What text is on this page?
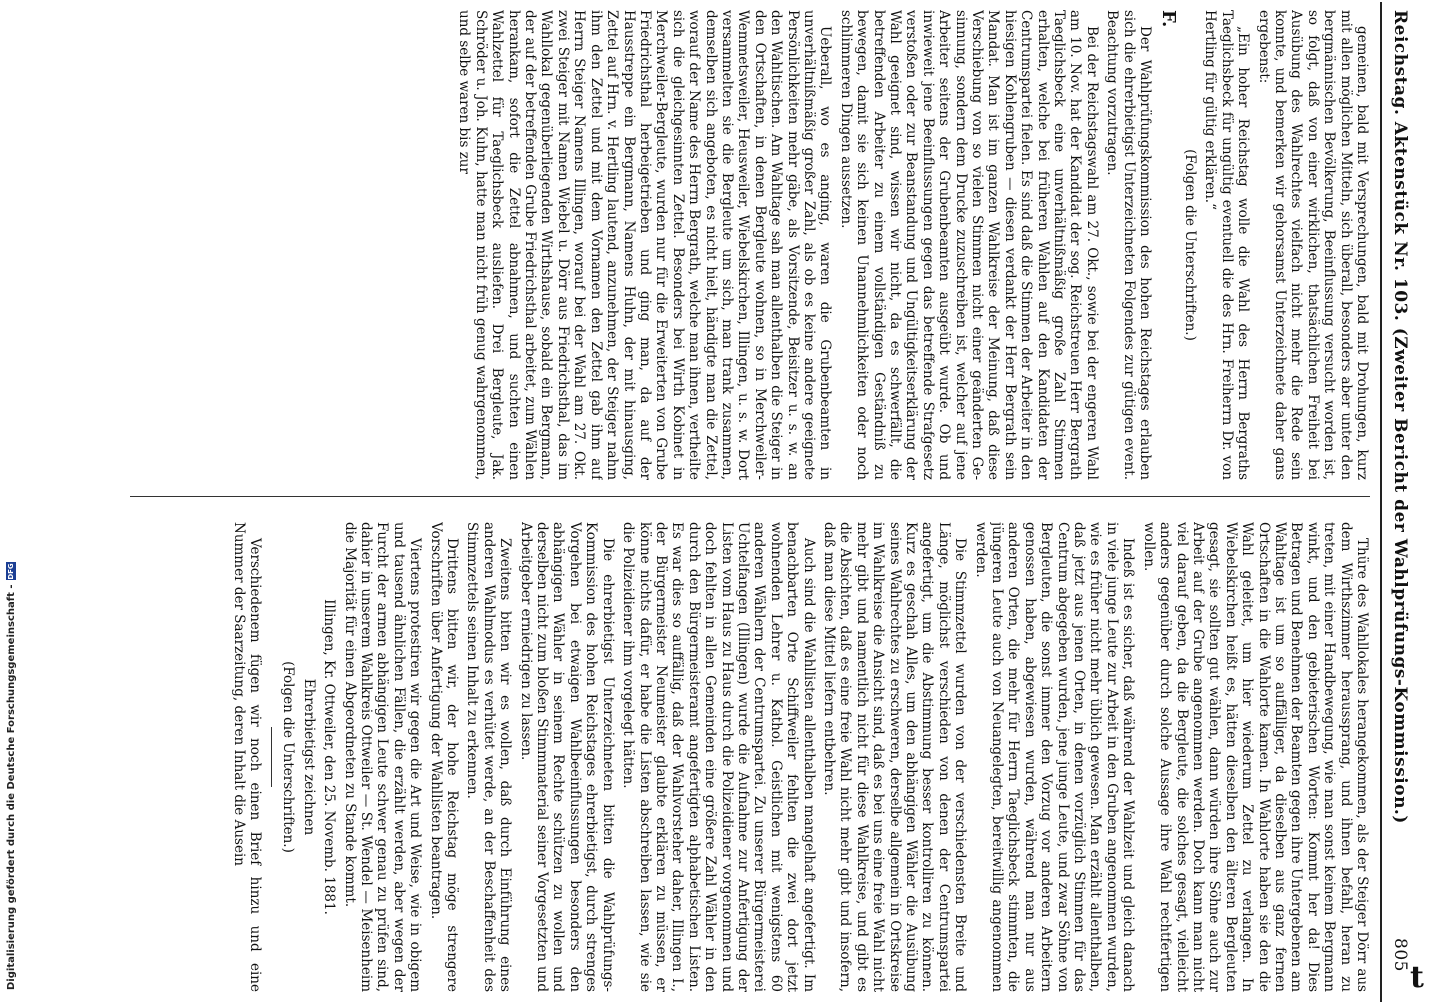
Digitalisierung gefördert durch die Deutsche Forschungsgemeinschaft -DFG	Reichstag. Aktenstück Nr. 103. (Zweiter Bericht der Wahlprüfungs-Kommission.)
805

gemeinen, bald mit Versprechungen, bald mit Drohungen, kurz mit allen möglichen Mitteln, sich überall, besonders aber unter den bergmännischen Bevölkerung, Beeinflussung versucht worden ist, so folgt, daß von einer wirklichen, thatsächlichen Freiheit bei Ausübung des Wahlrechtes vielfach nicht mehr die Rede sein konnte, und bemerken wir gehorsamst Unterzeichnete daher gans ergebenst:

„Ein hoher Reichstag wolle die Wahl des Herrn Bergraths Taeglichsbeck für ungültig eventuell die des Hrn. Freiherrn Dr. von Hertling für gültig erklären.“

(Folgen die Unterschriften.)

F.

Der Wahlprüfungskommission des hohen Reichstages erlauben sich die ehrerbietigst Unterzeichneten Folgendes zur gütigen event. Beachtung vorzutragen.

Bei der Reichstagswahl am 27. Okt., sowie bei der engeren Wahl am 10. Nov. hat der Kandidat der sog. Reichstreuen Herr Bergrath Taeglichsbeck eine unverhältnißmäßig große Zahl Stimmen erhalten, welche bei früheren Wahlen auf den Kandidaten der Centrumspartei fielen. Es sind daß die Stimmen der Arbeiter in den hiesigen Kohlengruben — diesen verdankt der Herr Bergrath sein Mandat. Man ist im ganzen Wahlkreise der Meinung, daß diese Verschiebung von so vielen Stimmen nicht einer geänderten Gesinnung, sondern dem Drucke zuzuschreiben ist, welcher auf jene Arbeiter seitens der Grubenbeamten ausgeübt wurde. Ob und inwieweit jene Beeinflussungen gegen das betreffende Strafgesetz verstoßen oder zur Beanstandung und Ungültigkeitserklärung der Wahl geeignet sind, wissen wir nicht, da es schwerfällt, die betreffenden Arbeiter zu einem vollständigen Geständniß zu bewegen, damit sie sich keinen Unannehmlichkeiten oder noch schlimmeren Dingen aussetzen.

Ueberall, wo es anging, waren die Grubenbeamten in unverhältnißmäßig großer Zahl, als ob es keine andere geeignete Persönlichkeiten mehr gäbe, als Vorsitzende, Beisitzer u. s. w. an den Wahltischen. Am Wahltage sah man allenthalben die Steiger in den Ortschaften, in denen Bergleute wohnen, so in Merchweiler-Wemmetsweiler, Heusweiler, Wiebelskirchen, Illingen, u. s. w. Dort versammelten sie die Bergleute um sich, man trank zusammen, demselben sich angeboten, es nicht hielt, händigte man die Zettel, worauf der Name des Herrn Bergrath, welche man ihnen, vertheilte sich die gleichgesinnten Zettel. Besonders bei Wirth Kobinet in Merchweiler-Bergleute, wurden nur für die Erweiterten von Grube Friedrichsthal herbeigetrieben und ging man, da auf der Hausstreppe ein Bergmann, Namens Huhn, der mit hinausging, Zettel auf Hrn. v. Hertling lautend, anzunehmen, der Steiger nahm ihm den Zettel und mit dem Vornamen den Zettel gab ihm auf Herrn Steiger Namens Illingen, worauf bei der Wahl am 27. Okt. zwei Steiger mit Namen Wiebel u. Dörr aus Friedrichsthal, das im Wahllokal gegenüberliegenden Wirthshause, sobald ein Bergmann, der auf der betreffenden Grube Friedrichsthal arbeitet, zum Wählen herankam, sofort die Zettel abnahmen, und suchten einen Wahlzettel für Taeglichsbeck ausliefen. Drei Bergleute, Jak. Schröder u. Joh. Kuhn, hatte man nicht früh genug wahrgenommen, und selbe waren bis zur

Thüre des Wahllokales herangekommen, als der Steiger Dörr aus dem Wirthszimmer heraussprang, und ihnen befahl, heran zu treten, mit einer Handbewegung, wie man sonst keinem Bergmann winkt, und den gebieterischen Worten: Kommt her da! Dies Betragen und Benehmen der Beamten gegen ihre Untergebenen am Wahltage ist um so auffälliger, da dieselben aus ganz fernen Ortschaften in die Wahlorte kamen. In Wahlorte haben sie den die Wahl geleitet, um hier wiederum Zettel zu verlangen. In Wiebelskirchen heißt es, hätten dieselben den älteren Bergleuten gesagt, sie sollten gut wählen, dann würden ihre Söhne auch zur Arbeit auf der Grube angenommen werden. Doch kann man nicht viel darauf geben, da die Bergleute, die solches gesagt, vielleicht anders gegenüber durch solche Aussage ihre Wahl rechtfertigen wollen.

Indeß ist es sicher, daß während der Wahlzeit und gleich danach in viele junge Leute zur Arbeit in den Gruben angenommen wurden, wie es früher nicht mehr üblich gewesen. Man erzählt allenthalben, daß jetzt aus jenen Orten, in denen vorzüglich Stimmen für das Centrum abgegeben wurden, jene junge Leute, und zwar Söhne von Bergleuten, die sonst immer den Vorzug vor anderen Arbeitern genossen haben, abgewiesen wurden, während man nur aus anderen Orten, die mehr für Herrn Taeglichsbeck stimmten, die jüngeren Leute auch von Neuangelegten, bereitwillig angenommen werden.

Die Stimmzettel wurden von der verschiedensten Breite und Länge, möglichst verschieden von denen der Centrumspartei angefertigt, um die Abstimmung besser kontrolliren zu können. Kurz es geschah Alles, um den abhängigen Wähler die Ausübung seines Wahlrechtes zu erschweren, derselbe allgemein in Ortskreise im Wahlkreise die Ansicht sind, daß es bei uns eine freie Wahl nicht mehr gibt und namentlich nicht für diese Wahlkreise, und gibt es die Absichten, daß es eine freie Wahl nicht mehr gibt und insofern, daß man diese Mittel liefern entbehren.

Auch sind die Wahllisten allenthalben mangelhaft angefertigt. Im benachbarten Orte Schiffweiler fehlten die zwei dort jetzt wohnenden Lehrer u. Kathol. Geistlichen mit wenigstens 60 anderen Wählern der Centrumspartei. Zu unserer Bürgermeisterei Uchtelfangen (Illingen) wurde die Aufnahme zur Anfertigung der Listen vom Haus zu Haus durch die Polizeidiener vorgenommen und doch fehlten in allen Gemeinden eine größere Zahl Wähler in den durch den Bürgermeisteramt angefertigten alphabetischen Listen. Es war dies so auffällig, daß der Wahlvorsteher daher, Illingen I., der Bürgermeister Neumeister glaubte erklären zu müssen, er könne nichts dafür, er habe die Listen abschreiben lassen, wie sie die Polizeidiener ihm vorgelegt hätten.

Die ehrerbietigst Unterzeichneten bitten die Wahlprüfungs-Kommission des hohen Reichstages ehrerbietigst, durch strenges Vorgehen bei etwaigen Wahlbeeinflussungen besonders den abhängigen Wähler in seinem Rechte schützen zu wollen und derselben nicht zum bloßen Stimmmaterial seiner Vorgesetzten und Arbeitgeber erniedrigen zu lassen.

Zweitens bitten wir es wollen, daß durch Einführung eines anderen Wahlmodus es verhütet werde, an der Beschaffenheit des Stimmzettels seinen Inhalt zu erkennen.

Drittens bitten wir, der hohe Reichstag möge strengere Vorschriften über Anfertigung der Wahllisten beantragen.

Viertens protestiren wir gegen die Art und Weise, wie in obigem und tausend ähnlichen Fällen, die erzählt werden, aber wegen der Furcht der armen abhängigen Leute schwer genau zu prüfen sind, dahier in unserem Wahlkreis Ottweiler — St. Wendel — Meisenheim die Majorität für einen Abgeordneten zu Stande kommt.

Illingen, Kr. Ottweiler, den 25. Novemb. 1881.

Ehrerbietigst zeichnen

(Folgen die Unterschriften.)

Verschiedenem fügen wir noch einen Brief hinzu und eine Nummer der Saarzeitung, deren Inhalt die Ausein

t
